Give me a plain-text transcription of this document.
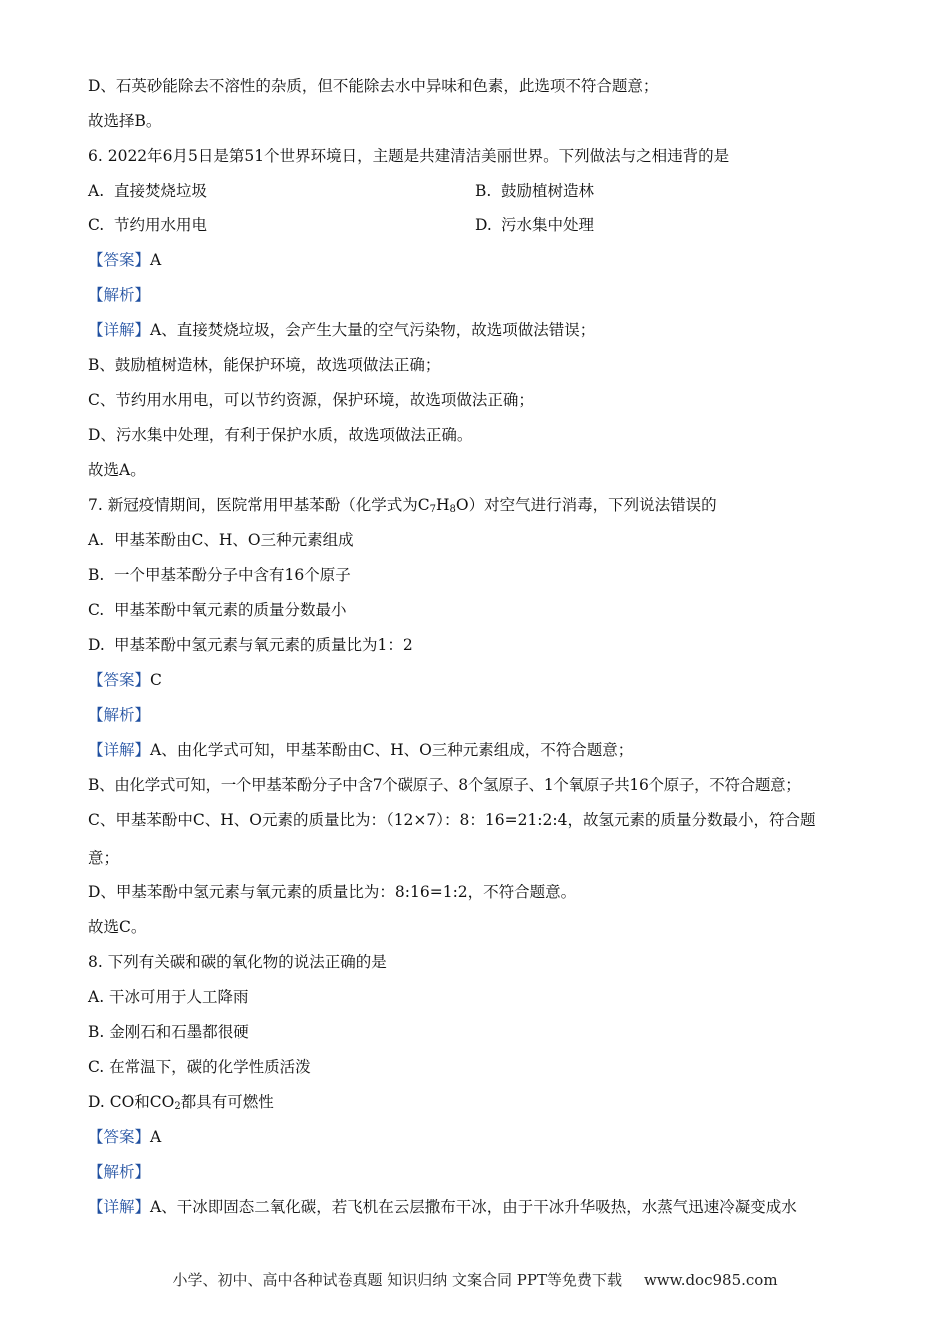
D、石英砂能除去不溶性的杂质，但不能除去水中异味和色素，此选项不符合题意；
故选择B。
6. 2022年6月5日是第51个世界环境日，主题是共建清洁美丽世界。下列做法与之相违背的是
A. 直接焚烧垃圾	B. 鼓励植树造林
C. 节约用水用电	D. 污水集中处理
【答案】A
【解析】
【详解】A、直接焚烧垃圾，会产生大量的空气污染物，故选项做法错误；
B、鼓励植树造林，能保护环境，故选项做法正确；
C、节约用水用电，可以节约资源，保护环境，故选项做法正确；
D、污水集中处理，有利于保护水质，故选项做法正确。
故选A。
7. 新冠疫情期间，医院常用甲基苯酚（化学式为$C_7H_8O$）对空气进行消毒，下列说法错误的
A. 甲基苯酚由C、H、O三种元素组成
B. 一个甲基苯酚分子中含有16个原子
C. 甲基苯酚中氧元素的质量分数最小
D. 甲基苯酚中氢元素与氧元素的质量比为1：2
【答案】C
【解析】
【详解】A、由化学式可知，甲基苯酚由C、H、O三种元素组成，不符合题意；
B、由化学式可知，一个甲基苯酚分子中含7个碳原子、8个氢原子、1个氧原子共16个原子，不符合题意；
C、甲基苯酚中C、H、O元素的质量比为：（12×7）：8：16=21:2:4，故氢元素的质量分数最小，符合题
意；
D、甲基苯酚中氢元素与氧元素的质量比为：8:16=1:2，不符合题意。
故选C。
8. 下列有关碳和碳的氧化物的说法正确的是
A. 干冰可用于人工降雨
B. 金刚石和石墨都很硬
C. 在常温下，碳的化学性质活泼
D. CO和$CO_2$都具有可燃性
【答案】A
【解析】
【详解】A、干冰即固态二氧化碳，若飞机在云层撒布干冰，由于干冰升华吸热，水蒸气迅速冷凝变成水
小学、初中、高中各种试卷真题 知识归纳 文案合同 PPT等免费下载 www.doc985.com
